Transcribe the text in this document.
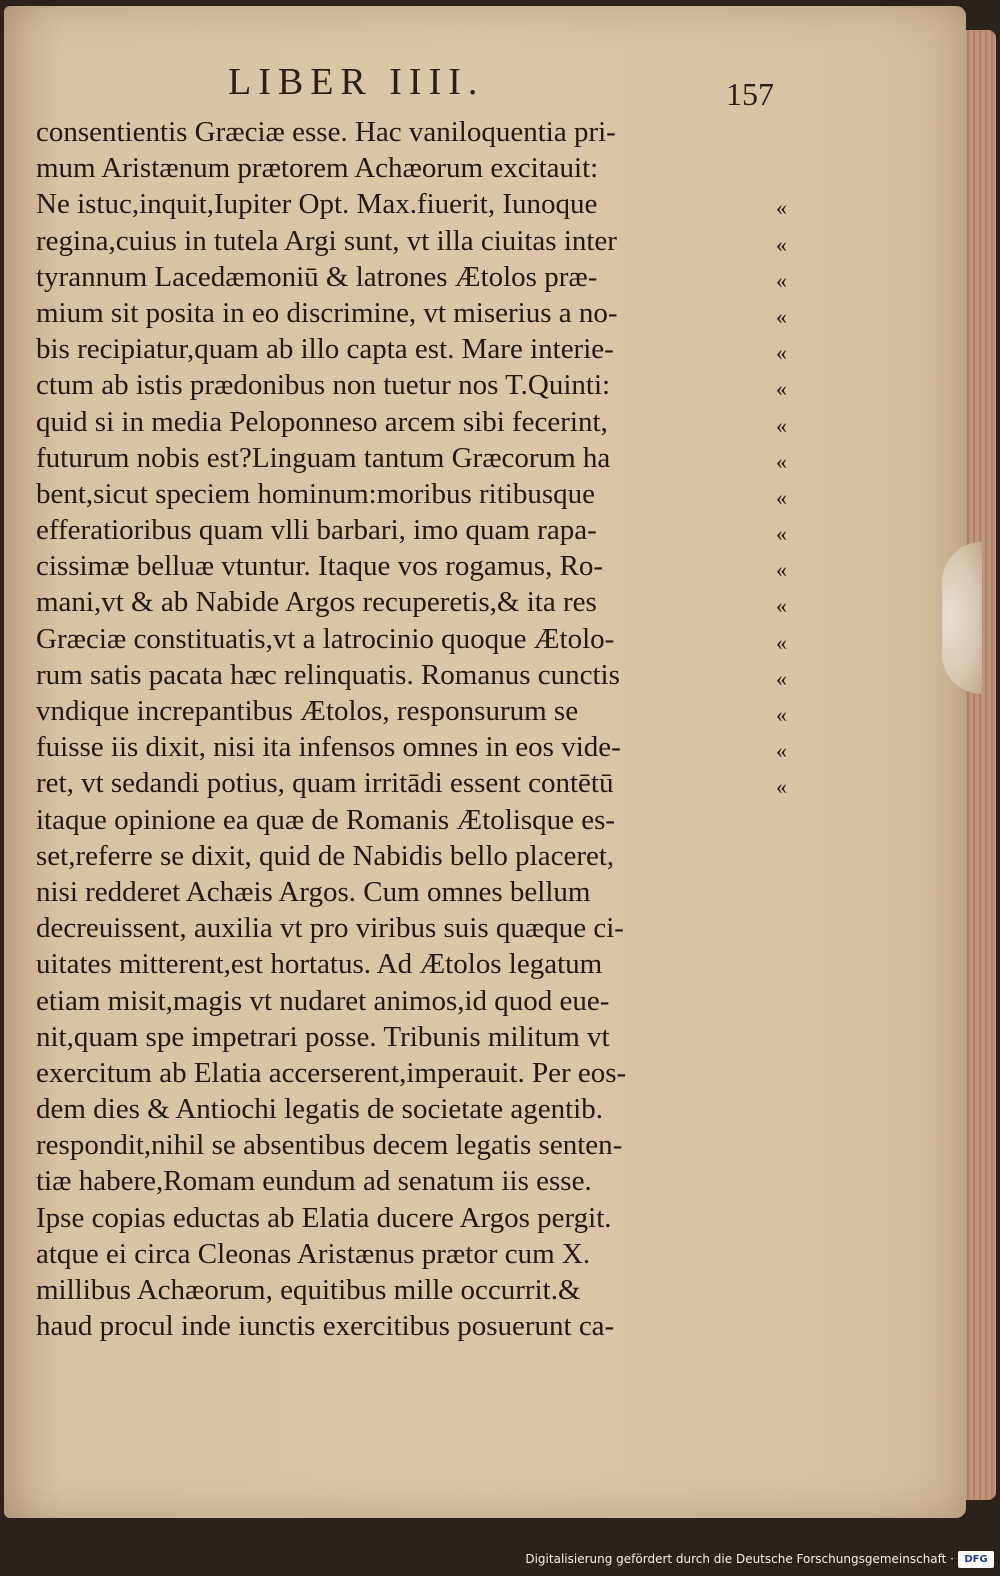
LIBER IIII.	157
consentientis Græciæ esse. Hac vaniloquentia pri-
mum Aristænum prætorem Achæorum excitauit:
Ne istuc,inquit,Iupiter Opt. Max.fiuerit, Iunoque
regina,cuius in tutela Argi sunt, vt illa ciuitas inter
tyrannum Lacedæmoniū & latrones Ætolos præ-
mium sit posita in eo discrimine, vt miserius a no-
bis recipiatur,quam ab illo capta est. Mare interie-
ctum ab istis prædonibus non tuetur nos T.Quinti:
quid si in media Peloponneso arcem sibi fecerint,
futurum nobis est?Linguam tantum Græcorum ha
bent,sicut speciem hominum:moribus ritibusque
efferatioribus quam vlli barbari, imo quam rapa-
cissimæ belluæ vtuntur. Itaque vos rogamus, Ro-
mani,vt & ab Nabide Argos recuperetis,& ita res
Græciæ constituatis,vt a latrocinio quoque Ætolo-
rum satis pacata hæc relinquatis. Romanus cunctis
vndique increpantibus Ætolos, responsurum se
fuisse iis dixit, nisi ita infensos omnes in eos vide-
ret, vt sedandi potius, quam irritādi essent contētū
itaque opinione ea quæ de Romanis Ætolisque es-
set,referre se dixit, quid de Nabidis bello placeret,
nisi redderet Achæis Argos. Cum omnes bellum
decreuissent, auxilia vt pro viribus suis quæque ci-
uitates mitterent,est hortatus. Ad Ætolos legatum
etiam misit,magis vt nudaret animos,id quod eue-
nit,quam spe impetrari posse. Tribunis militum vt
exercitum ab Elatia accerserent,imperauit. Per eos-
dem dies & Antiochi legatis de societate agentib.
respondit,nihil se absentibus decem legatis senten-
tiæ habere,Romam eundum ad senatum iis esse.
Ipse copias eductas ab Elatia ducere Argos pergit.
atque ei circa Cleonas Aristænus prætor cum X.
millibus Achæorum, equitibus mille occurrit.&
haud procul inde iunctis exercitibus posuerunt ca-
«
«
«
«
«
«
«
«
«
«
«
«
«
«
«
«
«
Digitalisierung gefördert durch die Deutsche Forschungsgemeinschaft ·	DFG
